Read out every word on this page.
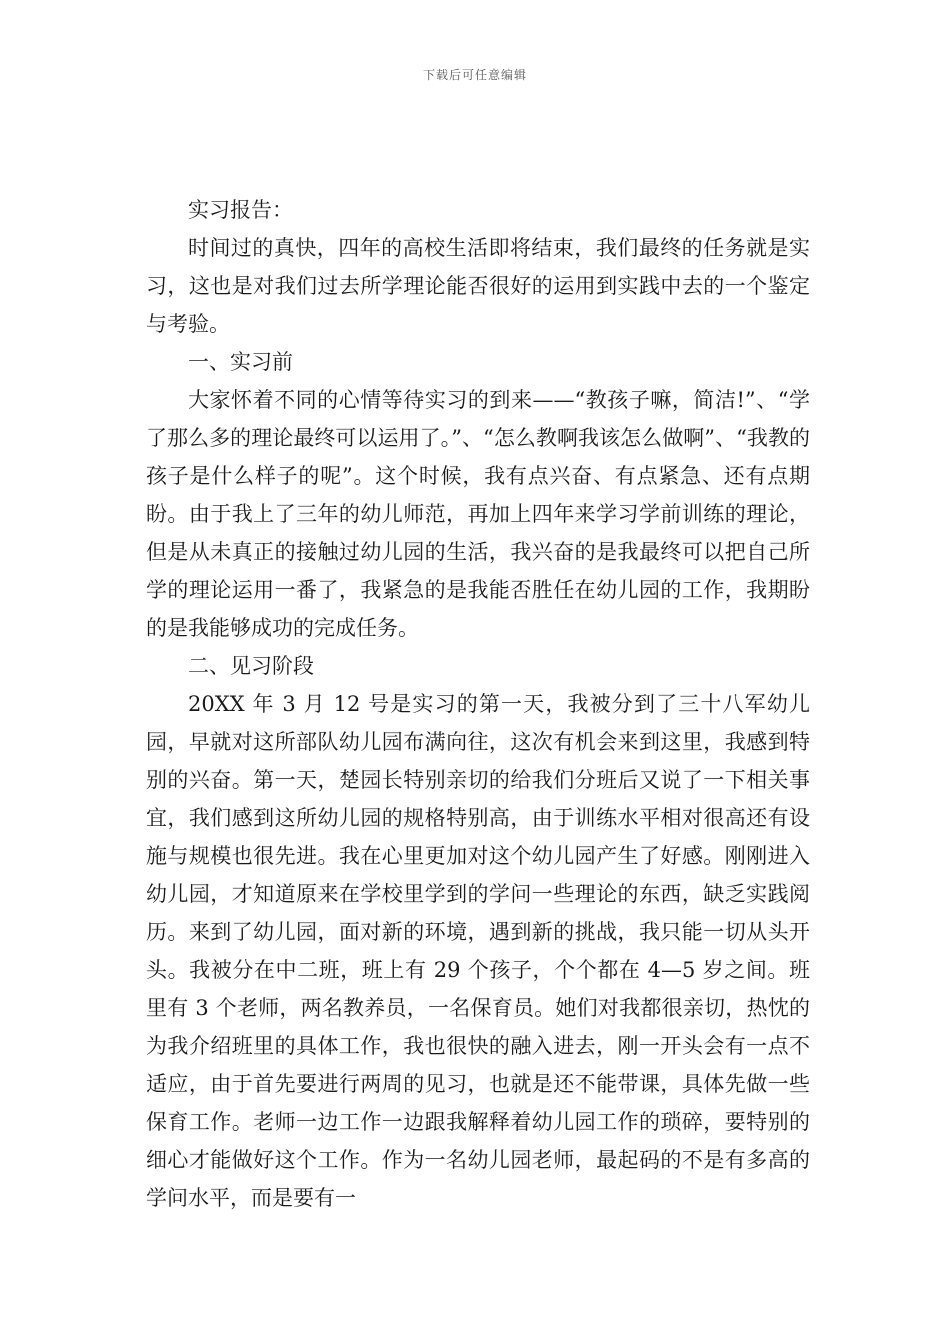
下载后可任意编辑

实习报告：

时间过的真快，四年的高校生活即将结束，我们最终的任务就是实习，这也是对我们过去所学理论能否很好的运用到实践中去的一个鉴定与考验。

一、实习前

大家怀着不同的心情等待实习的到来——“教孩子嘛，简洁!”、“学了那么多的理论最终可以运用了。”、“怎么教啊我该怎么做啊”、“我教的孩子是什么样子的呢”。这个时候，我有点兴奋、有点紧急、还有点期盼。由于我上了三年的幼儿师范，再加上四年来学习学前训练的理论，但是从未真正的接触过幼儿园的生活，我兴奋的是我最终可以把自己所学的理论运用一番了，我紧急的是我能否胜任在幼儿园的工作，我期盼的是我能够成功的完成任务。

二、见习阶段

20XX 年 3 月 12 号是实习的第一天，我被分到了三十八军幼儿园，早就对这所部队幼儿园布满向往，这次有机会来到这里，我感到特别的兴奋。第一天，楚园长特别亲切的给我们分班后又说了一下相关事宜，我们感到这所幼儿园的规格特别高，由于训练水平相对很高还有设施与规模也很先进。我在心里更加对这个幼儿园产生了好感。刚刚进入幼儿园，才知道原来在学校里学到的学问一些理论的东西，缺乏实践阅历。来到了幼儿园，面对新的环境，遇到新的挑战，我只能一切从头开头。我被分在中二班，班上有 29 个孩子，个个都在 4—5 岁之间。班里有 3 个老师，两名教养员，一名保育员。她们对我都很亲切，热忱的为我介绍班里的具体工作，我也很快的融入进去，刚一开头会有一点不适应，由于首先要进行两周的见习，也就是还不能带课，具体先做一些保育工作。老师一边工作一边跟我解释着幼儿园工作的琐碎，要特别的细心才能做好这个工作。作为一名幼儿园老师，最起码的不是有多高的学问水平，而是要有一
